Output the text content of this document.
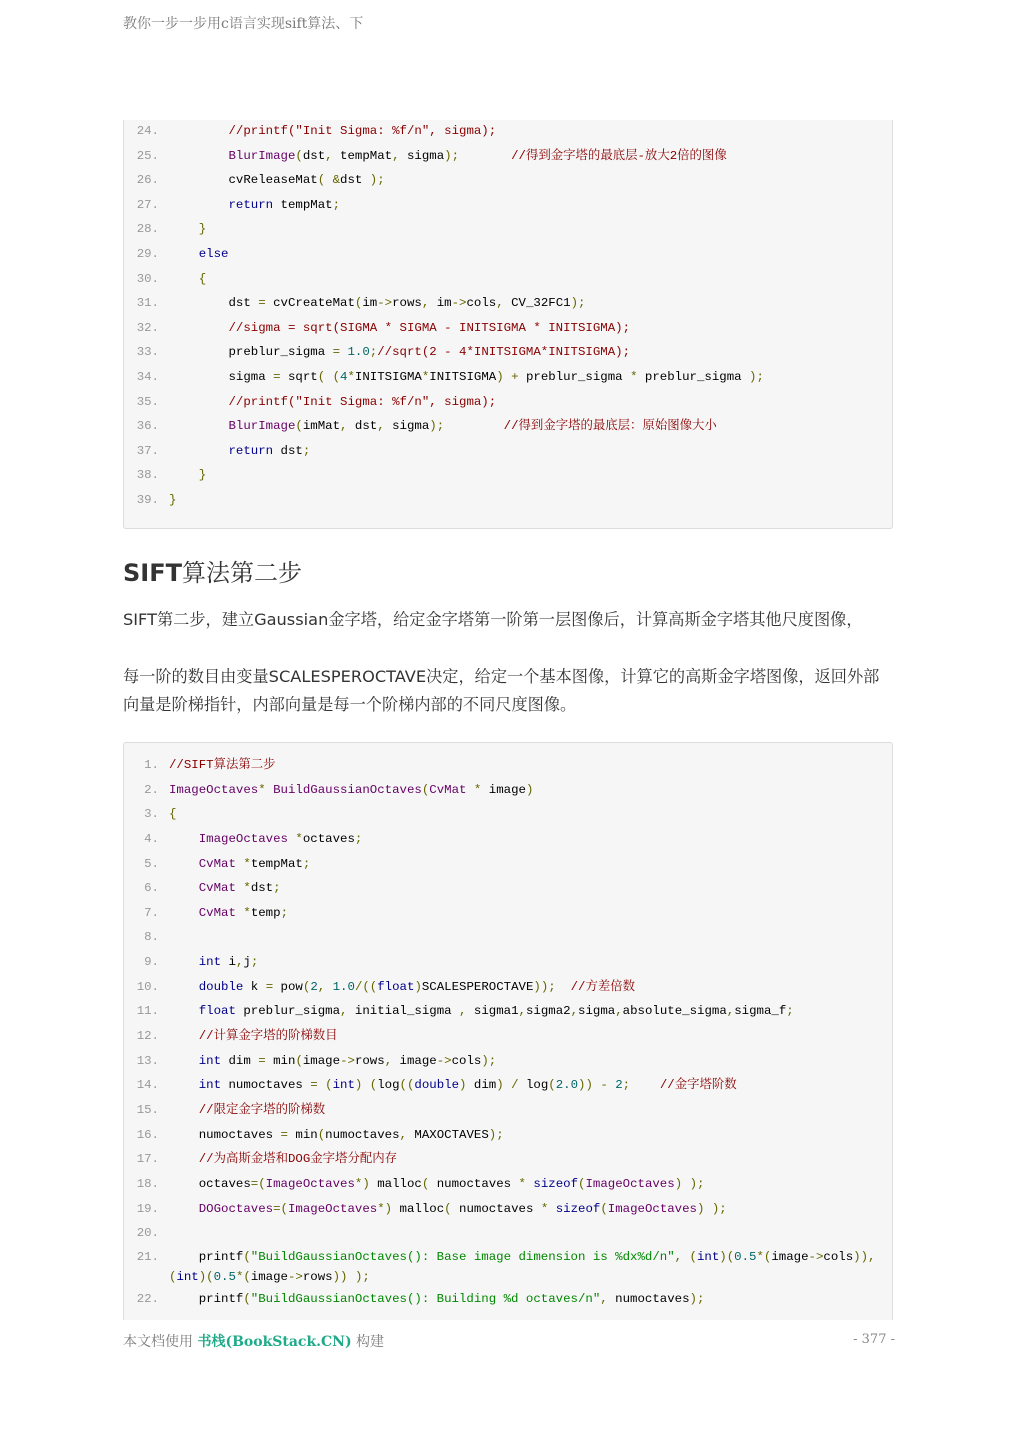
教你一步一步用c语言实现sift算法、下
24.	//printf("Init Sigma: %f/n", sigma);
25.	BlurImage(dst, tempMat, sigma);	//得到金字塔的最底层-放大2倍的图像
26. cvReleaseMat( &dst );
27.	return tempMat;
28.	}
29.	else
30.	{
31. dst = cvCreateMat(im->rows, im->cols, CV_32FC1);
32.	//sigma = sqrt(SIGMA * SIGMA - INITSIGMA * INITSIGMA);
33. preblur_sigma = 1.0;//sqrt(2 - 4*INITSIGMA*INITSIGMA);
34. sigma = sqrt( (4*INITSIGMA*INITSIGMA) + preblur_sigma * preblur_sigma );
35.	//printf("Init Sigma: %f/n", sigma);
36.	BlurImage(imMat, dst, sigma);	//得到金字塔的最底层：原始图像大小
37.	return dst;
38.	}
39. }
SIFT算法第二步
SIFT第二步，建立Gaussian金字塔，给定金字塔第一阶第一层图像后，计算高斯金字塔其他尺度图像，
每一阶的数目由变量SCALESPEROCTAVE决定，给定一个基本图像，计算它的高斯金字塔图像，返回外部向量是阶梯指针，内部向量是每一个阶梯内部的不同尺度图像。
1. //SIFT算法第二步
2. ImageOctaves* BuildGaussianOctaves(CvMat * image)
3. {
4.	ImageOctaves *octaves;
5.	CvMat *tempMat;
6.	CvMat *dst;
7.	CvMat *temp;
8.
9.	int i,j;
10.	double k = pow(2, 1.0/((float)SCALESPEROCTAVE)); //方差倍数
11.	float preblur_sigma, initial_sigma , sigma1,sigma2,sigma,absolute_sigma,sigma_f;
12.	//计算金字塔的阶梯数目
13.	int dim = min(image->rows, image->cols);
14.	int numoctaves = (int) (log((double) dim) / log(2.0)) - 2; //金字塔阶数
15.	//限定金字塔的阶梯数
16. numoctaves = min(numoctaves, MAXOCTAVES);
17.	//为高斯金塔和DOG金字塔分配内存
18. octaves=(ImageOctaves*) malloc( numoctaves * sizeof(ImageOctaves) );
19.	DOGoctaves=(ImageOctaves*) malloc( numoctaves * sizeof(ImageOctaves) );
20.
21. printf("BuildGaussianOctaves(): Base image dimension is %dx%d/n", (int)(0.5*(image->cols)),
(int)(0.5*(image->rows)) );
22. printf("BuildGaussianOctaves(): Building %d octaves/n", numoctaves);
本文档使用 书栈(BookStack.CN) 构建	- 377 -
